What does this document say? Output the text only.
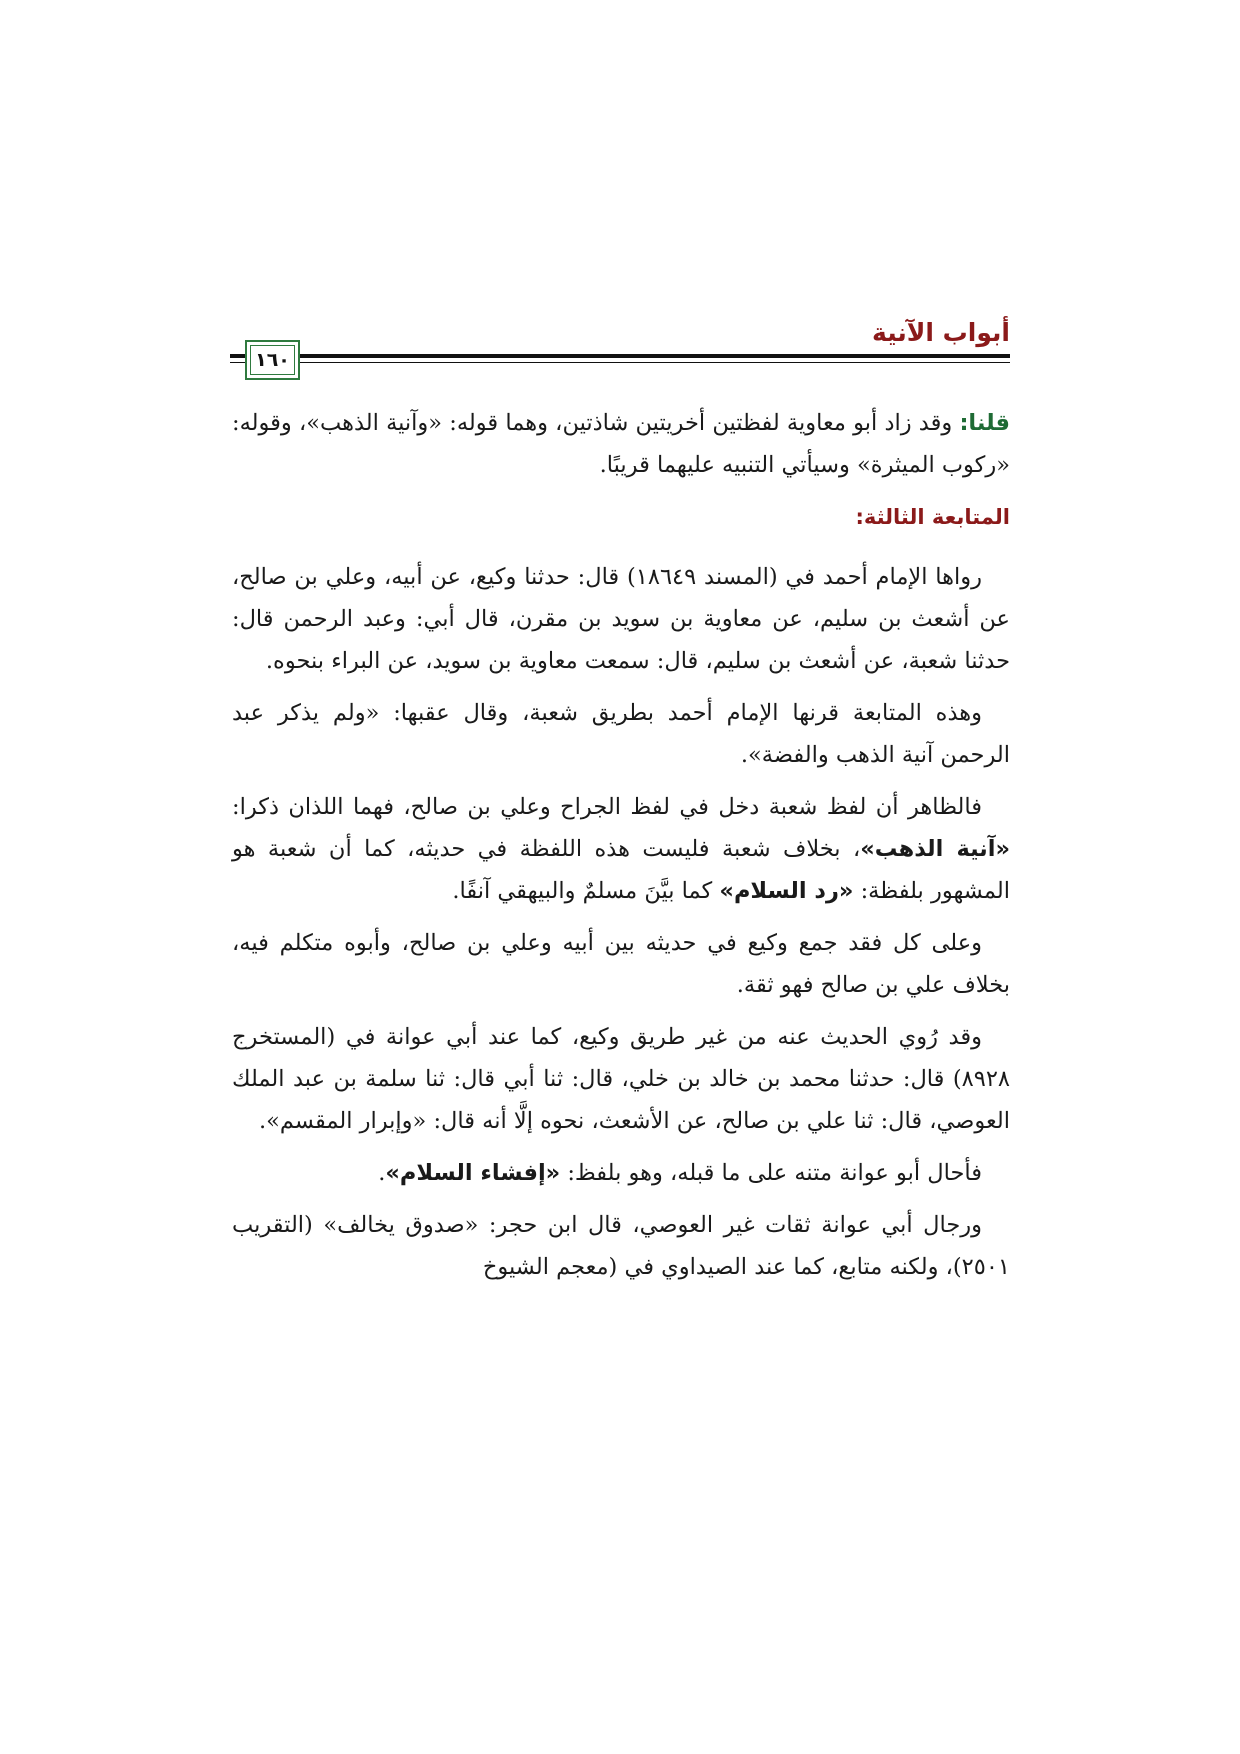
أبواب الآنية
١٦٠

قلنا: وقد زاد أبو معاوية لفظتين أخريتين شاذتين، وهما قوله: «وآنية الذهب»، وقوله: «ركوب الميثرة» وسيأتي التنبيه عليهما قريبًا.

المتابعة الثالثة:

رواها الإمام أحمد في (المسند ١٨٦٤٩) قال: حدثنا وكيع، عن أبيه، وعلي بن صالح، عن أشعث بن سليم، عن معاوية بن سويد بن مقرن، قال أبي: وعبد الرحمن قال: حدثنا شعبة، عن أشعث بن سليم، قال: سمعت معاوية بن سويد، عن البراء بنحوه.

وهذه المتابعة قرنها الإمام أحمد بطريق شعبة، وقال عقبها: «ولم يذكر عبد الرحمن آنية الذهب والفضة».

فالظاهر أن لفظ شعبة دخل في لفظ الجراح وعلي بن صالح، فهما اللذان ذكرا: «آنية الذهب»، بخلاف شعبة فليست هذه اللفظة في حديثه، كما أن شعبة هو المشهور بلفظة: «رد السلام» كما بيَّنَ مسلمٌ والبيهقي آنفًا.

وعلى كل فقد جمع وكيع في حديثه بين أبيه وعلي بن صالح، وأبوه متكلم فيه، بخلاف علي بن صالح فهو ثقة.

وقد رُوي الحديث عنه من غير طريق وكيع، كما عند أبي عوانة في (المستخرج ٨٩٢٨) قال: حدثنا محمد بن خالد بن خلي، قال: ثنا أبي قال: ثنا سلمة بن عبد الملك العوصي، قال: ثنا علي بن صالح، عن الأشعث، نحوه إلَّا أنه قال: «وإبرار المقسم».

فأحال أبو عوانة متنه على ما قبله، وهو بلفظ: «إفشاء السلام».

ورجال أبي عوانة ثقات غير العوصي، قال ابن حجر: «صدوق يخالف» (التقريب ٢٥٠١)، ولكنه متابع، كما عند الصيداوي في (معجم الشيوخ
